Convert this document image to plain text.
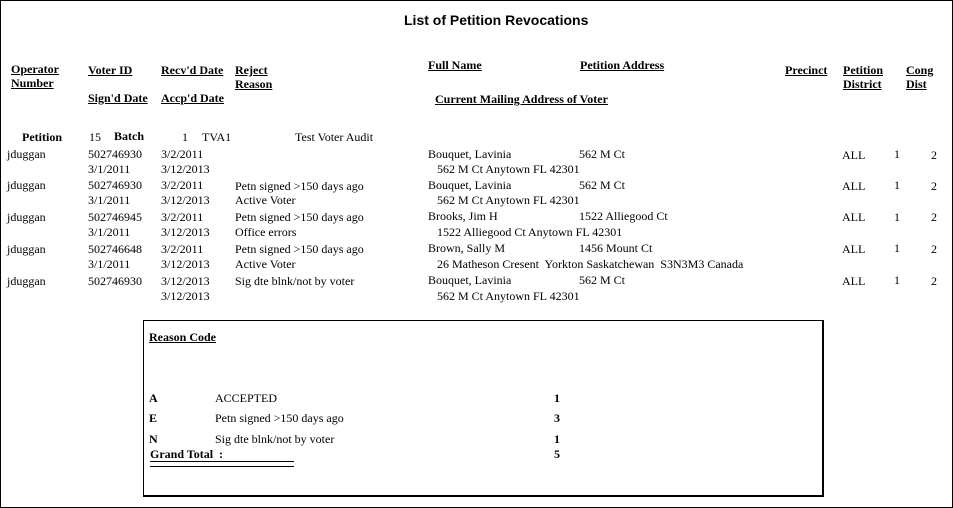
List of Petition Revocations
Operator
Number
Voter ID Recv'd Date Reject
Reason
Full Name	Petition Address	Precinct Petition
District
Cong
Dist
Sign'd Date Accp'd Date	Current Mailing Address of Voter
Petition 15 Batch	1 TVA1	Test Voter Audit
jduggan	502746930 3/2/2011	Bouquet, Lavinia	562 M Ct	ALL 1	2
3/1/2011	3/12/2013	562 M Ct Anytown FL 42301
jduggan	502746930 3/2/2011	Petn signed >150 days ago	Bouquet, Lavinia	562 M Ct	ALL 1	2
3/1/2011	3/12/2013 Active Voter	562 M Ct Anytown FL 42301
jduggan	502746945 3/2/2011	Petn signed >150 days ago	Brooks, Jim H	1522 Alliegood Ct	ALL 1	2
3/1/2011	3/12/2013 Office errors	1522 Alliegood Ct Anytown FL 42301
jduggan	502746648 3/2/2011	Petn signed >150 days ago	Brown, Sally M	1456 Mount Ct	ALL 1	2
3/1/2011	3/12/2013 Active Voter	26 Matheson Cresent  Yorkton Saskatchewan  S3N3M3 Canada
jduggan	502746930 3/12/2013 Sig dte blnk/not by voter	Bouquet, Lavinia	562 M Ct	ALL 1	2
3/12/2013	562 M Ct Anytown FL 42301
Reason Code
A	ACCEPTED	1
E	Petn signed >150 days ago	3
N	Sig dte blnk/not by voter	1
Grand Total  :	5
